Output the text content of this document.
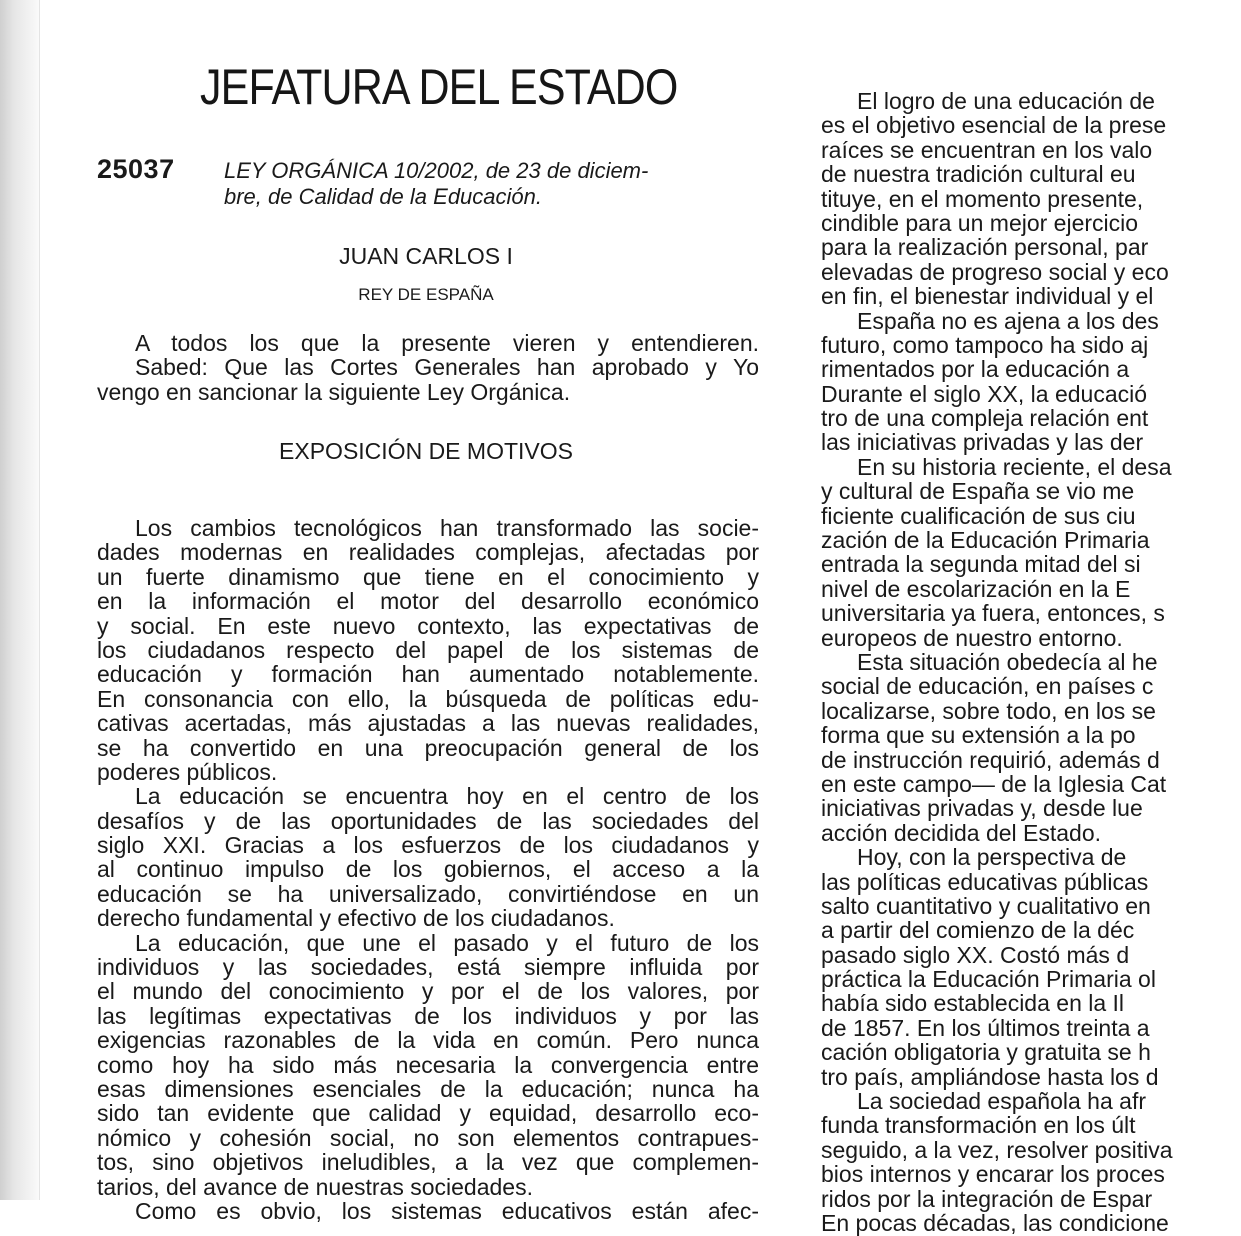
JEFATURA DEL ESTADO
25037 LEY ORGÁNICA 10/2002, de 23 de diciem-
bre, de Calidad de la Educación.
JUAN CARLOS I
REY DE ESPAÑA
A todos los que la presente vieren y entendieren.
Sabed: Que las Cortes Generales han aprobado y Yo
vengo en sancionar la siguiente Ley Orgánica.
EXPOSICIÓN DE MOTIVOS
Los cambios tecnológicos han transformado las socie-
dades modernas en realidades complejas, afectadas por
un fuerte dinamismo que tiene en el conocimiento y
en la información el motor del desarrollo económico
y social. En este nuevo contexto, las expectativas de
los ciudadanos respecto del papel de los sistemas de
educación y formación han aumentado notablemente.
En consonancia con ello, la búsqueda de políticas edu-
cativas acertadas, más ajustadas a las nuevas realidades,
se ha convertido en una preocupación general de los
poderes públicos.
La educación se encuentra hoy en el centro de los
desafíos y de las oportunidades de las sociedades del
siglo XXI. Gracias a los esfuerzos de los ciudadanos y
al continuo impulso de los gobiernos, el acceso a la
educación se ha universalizado, convirtiéndose en un
derecho fundamental y efectivo de los ciudadanos.
La educación, que une el pasado y el futuro de los
individuos y las sociedades, está siempre influida por
el mundo del conocimiento y por el de los valores, por
las legítimas expectativas de los individuos y por las
exigencias razonables de la vida en común. Pero nunca
como hoy ha sido más necesaria la convergencia entre
esas dimensiones esenciales de la educación; nunca ha
sido tan evidente que calidad y equidad, desarrollo eco-
nómico y cohesión social, no son elementos contrapues-
tos, sino objetivos ineludibles, a la vez que complemen-
tarios, del avance de nuestras sociedades.
Como es obvio, los sistemas educativos están afec-
El logro de una educación de
es el objetivo esencial de la prese
raíces se encuentran en los valo
de nuestra tradición cultural eu
tituye, en el momento presente,
cindible para un mejor ejercicio
para la realización personal, par
elevadas de progreso social y eco
en fin, el bienestar individual y el
España no es ajena a los des
futuro, como tampoco ha sido aj
rimentados por la educación a
Durante el siglo XX, la educació
tro de una compleja relación ent
las iniciativas privadas y las der
En su historia reciente, el desa
y cultural de España se vio me
ficiente cualificación de sus ciu
zación de la Educación Primaria
entrada la segunda mitad del si
nivel de escolarización en la E
universitaria ya fuera, entonces, s
europeos de nuestro entorno.
Esta situación obedecía al he
social de educación, en países c
localizarse, sobre todo, en los se
forma que su extensión a la po
de instrucción requirió, además d
en este campo— de la Iglesia Cat
iniciativas privadas y, desde lue
acción decidida del Estado.
Hoy, con la perspectiva de
las políticas educativas públicas
salto cuantitativo y cualitativo en
a partir del comienzo de la déc
pasado siglo XX. Costó más d
práctica la Educación Primaria ol
había sido establecida en la Il
de 1857. En los últimos treinta a
cación obligatoria y gratuita se h
tro país, ampliándose hasta los d
La sociedad española ha afr
funda transformación en los últ
seguido, a la vez, resolver positiva
bios internos y encarar los proces
ridos por la integración de Espar
En pocas décadas, las condicione
